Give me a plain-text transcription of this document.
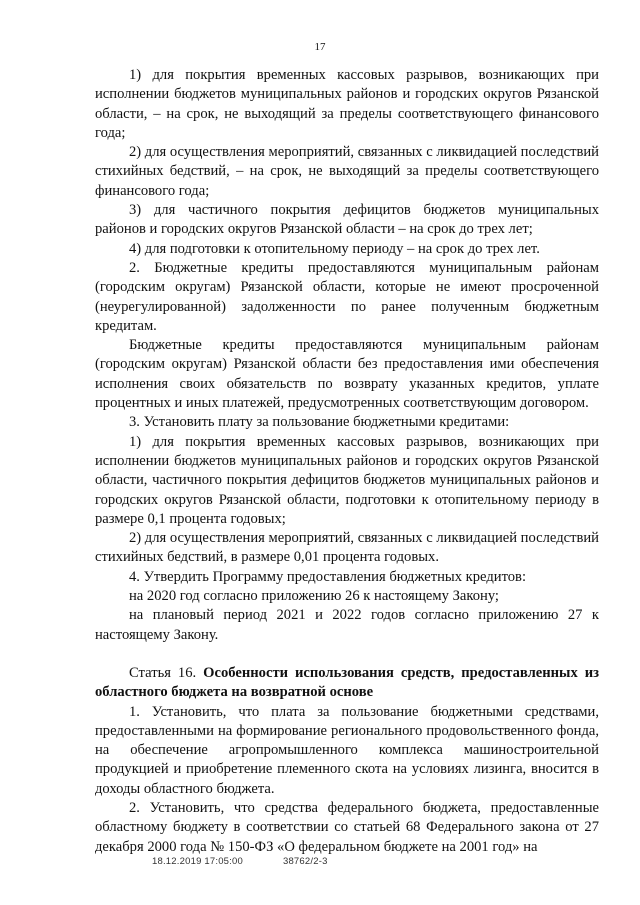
17

1) для покрытия временных кассовых разрывов, возникающих при исполнении бюджетов муниципальных районов и городских округов Рязанской области, – на срок, не выходящий за пределы соответствующего финансового года;

2) для осуществления мероприятий, связанных с ликвидацией последствий стихийных бедствий, – на срок, не выходящий за пределы соответствующего финансового года;

3) для частичного покрытия дефицитов бюджетов муниципальных районов и городских округов Рязанской области – на срок до трех лет;

4) для подготовки к отопительному периоду – на срок до трех лет.

2. Бюджетные кредиты предоставляются муниципальным районам (городским округам) Рязанской области, которые не имеют просроченной (неурегулированной) задолженности по ранее полученным бюджетным кредитам.

Бюджетные кредиты предоставляются муниципальным районам (городским округам) Рязанской области без предоставления ими обеспечения исполнения своих обязательств по возврату указанных кредитов, уплате процентных и иных платежей, предусмотренных соответствующим договором.

3. Установить плату за пользование бюджетными кредитами:

1) для покрытия временных кассовых разрывов, возникающих при исполнении бюджетов муниципальных районов и городских округов Рязанской области, частичного покрытия дефицитов бюджетов муниципальных районов и городских округов Рязанской области, подготовки к отопительному периоду в размере 0,1 процента годовых;

2) для осуществления мероприятий, связанных с ликвидацией последствий стихийных бедствий, в размере 0,01 процента годовых.

4. Утвердить Программу предоставления бюджетных кредитов:

на 2020 год согласно приложению 26 к настоящему Закону;

на плановый период 2021 и 2022 годов согласно приложению 27 к настоящему Закону.

Статья 16. Особенности использования средств, предоставленных из областного бюджета на возвратной основе

1. Установить, что плата за пользование бюджетными средствами, предоставленными на формирование регионального продовольственного фонда, на обеспечение агропромышленного комплекса машиностроительной продукцией и приобретение племенного скота на условиях лизинга, вносится в доходы областного бюджета.

2. Установить, что средства федерального бюджета, предоставленные областному бюджету в соответствии со статьей 68 Федерального закона от 27 декабря 2000 года № 150-ФЗ «О федеральном бюджете на 2001 год» на

18.12.2019 17:05:00	38762/2-3
